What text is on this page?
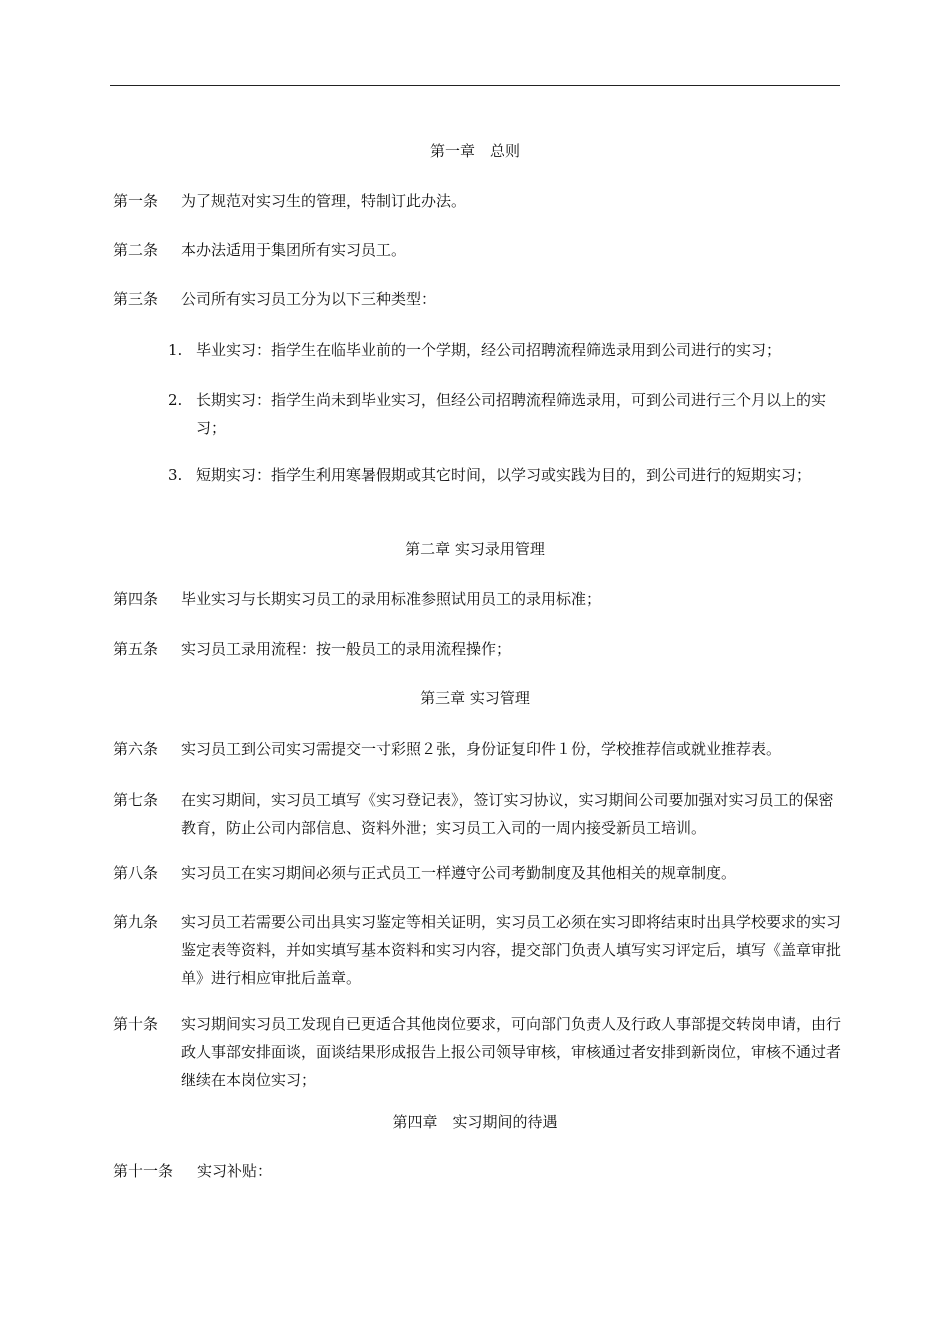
第一章　总则
第一条 为了规范对实习生的管理，特制订此办法。
第二条 本办法适用于集团所有实习员工。
第三条 公司所有实习员工分为以下三种类型：
1. 毕业实习：指学生在临毕业前的一个学期，经公司招聘流程筛选录用到公司进行的实习；
2. 长期实习：指学生尚未到毕业实习，但经公司招聘流程筛选录用，可到公司进行三个月以上的实习；
3. 短期实习：指学生利用寒暑假期或其它时间，以学习或实践为目的，到公司进行的短期实习；
第二章 实习录用管理
第四条 毕业实习与长期实习员工的录用标准参照试用员工的录用标准；
第五条 实习员工录用流程：按一般员工的录用流程操作；
第三章 实习管理
第六条 实习员工到公司实习需提交一寸彩照２张，身份证复印件１份，学校推荐信或就业推荐表。
第七条 在实习期间，实习员工填写《实习登记表》，签订实习协议，实习期间公司要加强对实习员工的保密教育，防止公司内部信息、资料外泄；实习员工入司的一周内接受新员工培训。
第八条 实习员工在实习期间必须与正式员工一样遵守公司考勤制度及其他相关的规章制度。
第九条 实习员工若需要公司出具实习鉴定等相关证明，实习员工必须在实习即将结束时出具学校要求的实习鉴定表等资料，并如实填写基本资料和实习内容，提交部门负责人填写实习评定后，填写《盖章审批单》进行相应审批后盖章。
第十条 实习期间实习员工发现自已更适合其他岗位要求，可向部门负责人及行政人事部提交转岗申请，由行政人事部安排面谈，面谈结果形成报告上报公司领导审核，审核通过者安排到新岗位，审核不通过者继续在本岗位实习；
第四章　实习期间的待遇
第十一条 实习补贴：
